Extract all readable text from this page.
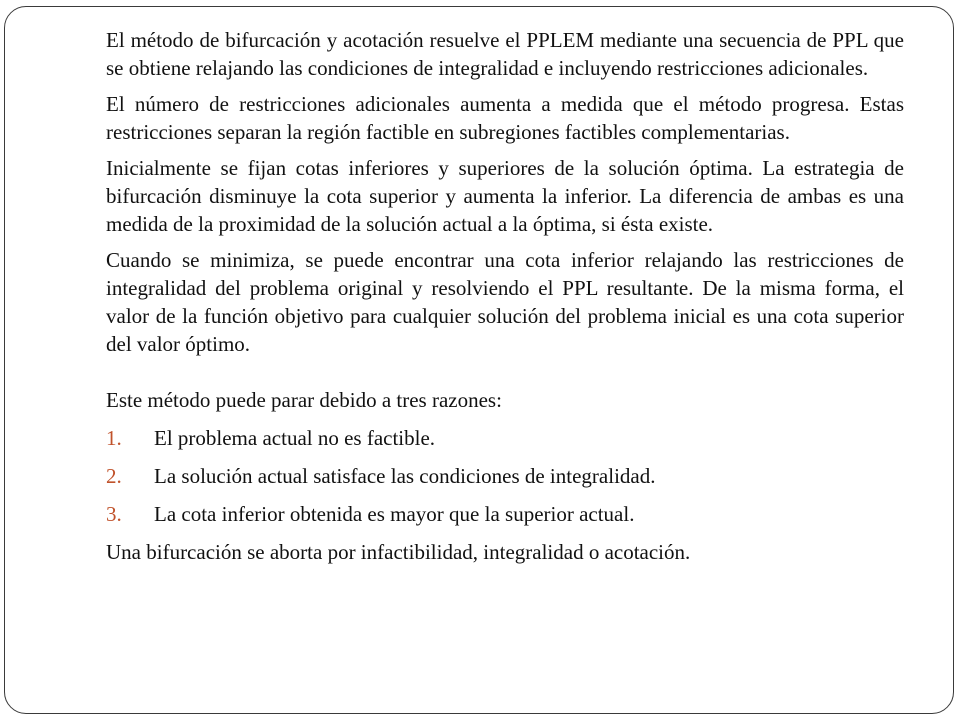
El método de bifurcación y acotación resuelve el PPLEM mediante una secuencia de PPL que se obtiene relajando las condiciones de integralidad e incluyendo restricciones adicionales.

El número de restricciones adicionales aumenta a medida que el método progresa. Estas restricciones separan la región factible en subregiones factibles complementarias.

Inicialmente se fijan cotas inferiores y superiores de la solución óptima. La estrategia de bifurcación disminuye la cota superior y aumenta la inferior. La diferencia de ambas es una medida de la proximidad de la solución actual a la óptima, si ésta existe.

Cuando se minimiza, se puede encontrar una cota inferior relajando las restricciones de integralidad del problema original y resolviendo el PPL resultante. De la misma forma, el valor de la función objetivo para cualquier solución del problema inicial es una cota superior del valor óptimo.

Este método puede parar debido a tres razones:

1.	El problema actual no es factible.
2.	La solución actual satisface las condiciones de integralidad.
3.	La cota inferior obtenida es mayor que la superior actual.

Una bifurcación se aborta por infactibilidad, integralidad o acotación.
